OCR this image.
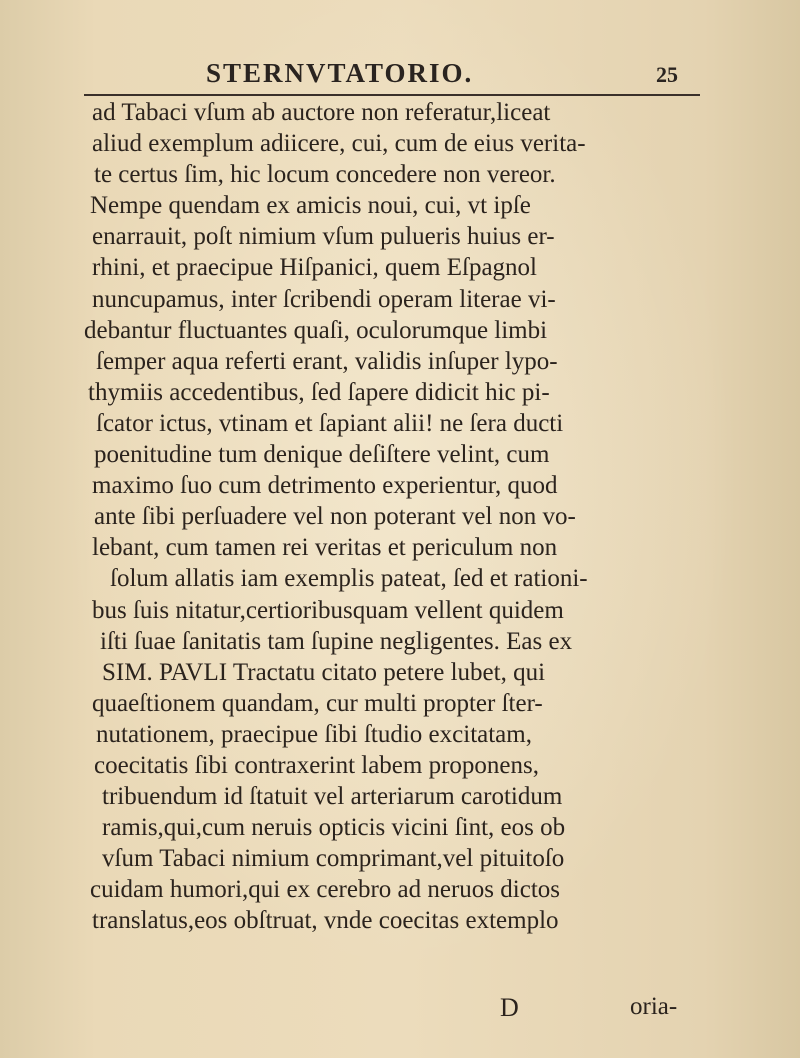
STERNVTATORIO.	25
ad Tabaci vſum ab auctore non referatur,liceat
aliud exemplum adiicere, cui, cum de eius verita-
te certus ſim, hic locum concedere non vereor.
Nempe quendam ex amicis noui, cui, vt ipſe
enarrauit, poſt nimium vſum pulueris huius er-
rhini, et praecipue Hiſpanici, quem Eſpagnol
nuncupamus, inter ſcribendi operam literae vi-
debantur fluctuantes quaſi, oculorumque limbi
ſemper aqua referti erant, validis inſuper lypo-
thymiis accedentibus, ſed ſapere didicit hic pi-
ſcator ictus, vtinam et ſapiant alii! ne ſera ducti
poenitudine tum denique deſiſtere velint, cum
maximo ſuo cum detrimento experientur, quod
ante ſibi perſuadere vel non poterant vel non vo-
lebant, cum tamen rei veritas et periculum non
ſolum allatis iam exemplis pateat, ſed et rationi-
bus ſuis nitatur,certioribusquam vellent quidem
iſti ſuae ſanitatis tam ſupine negligentes. Eas ex
SIM. PAVLI Tractatu citato petere lubet, qui
quaeſtionem quandam, cur multi propter ſter-
nutationem, praecipue ſibi ſtudio excitatam,
coecitatis ſibi contraxerint labem proponens,
tribuendum id ſtatuit vel arteriarum carotidum
ramis,qui,cum neruis opticis vicini ſint, eos ob
vſum Tabaci nimium comprimant,vel pituitoſo
cuidam humori,qui ex cerebro ad neruos dictos
translatus,eos obſtruat, vnde coecitas extemplo
D	oria-
